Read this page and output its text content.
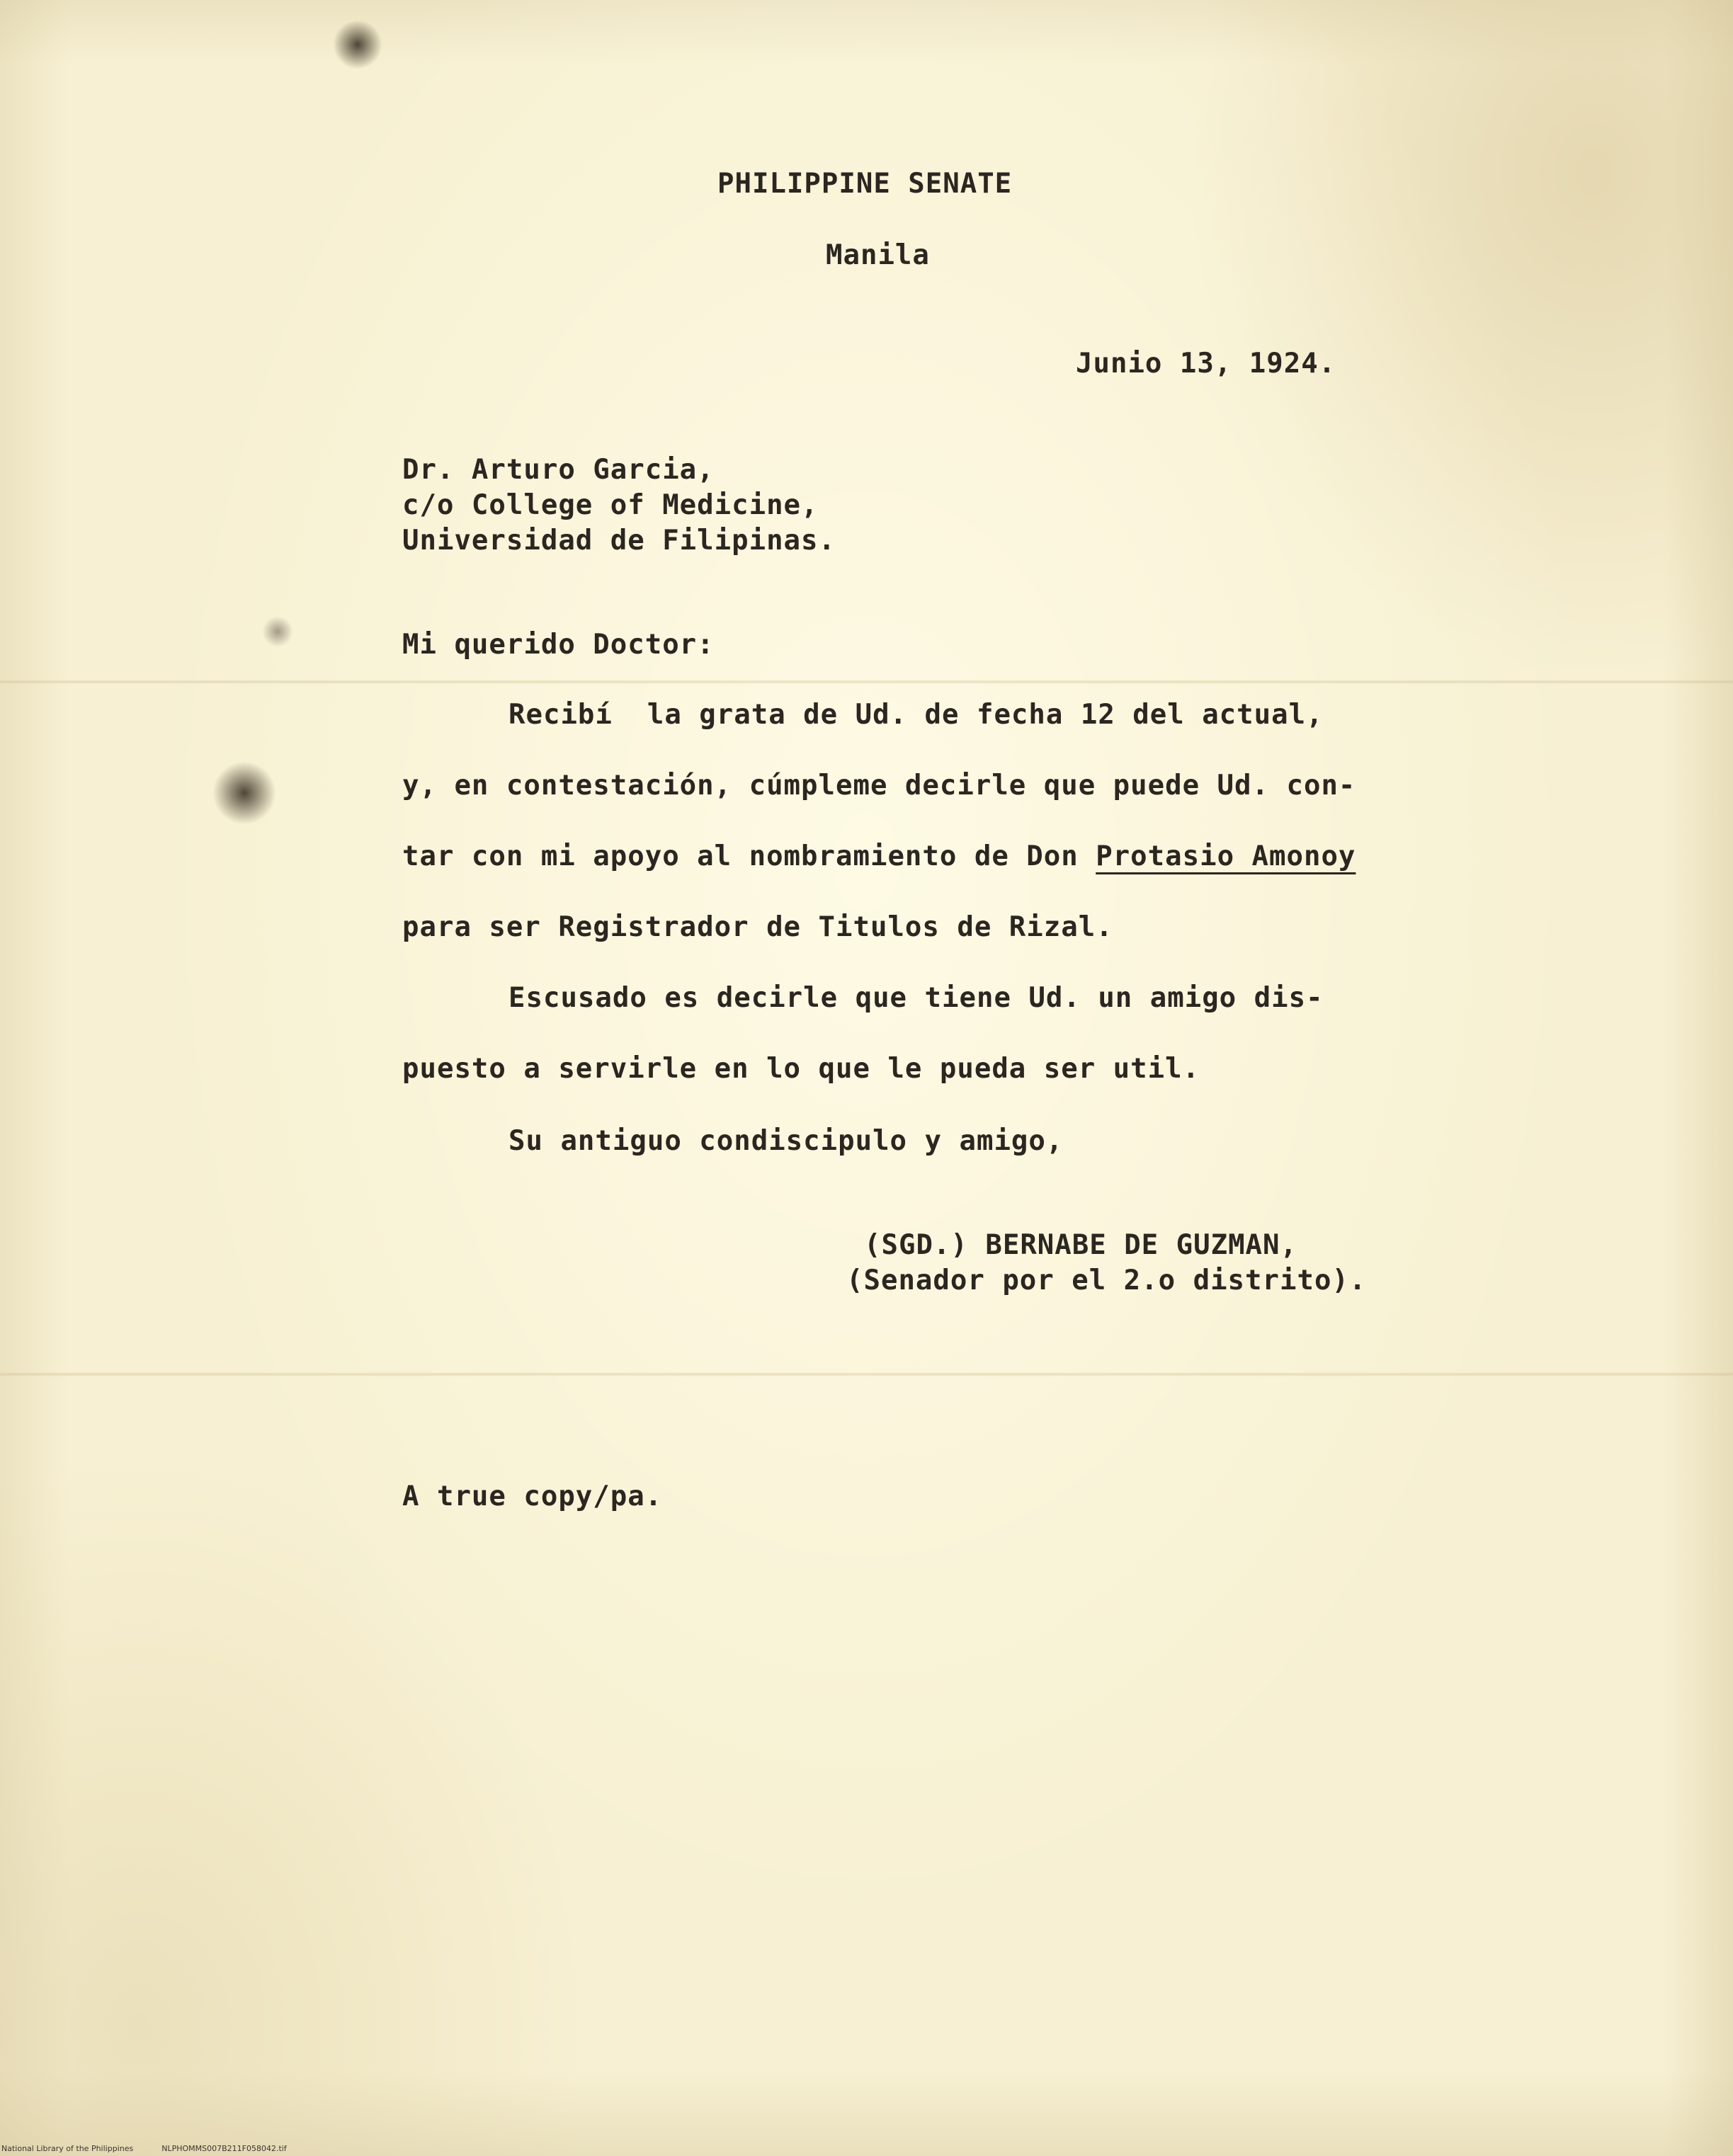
PHILIPPINE SENATE
Manila
Junio 13, 1924.
Dr. Arturo Garcia,
c/o College of Medicine,
Universidad de Filipinas.
Mi querido Doctor:
Recibí  la grata de Ud. de fecha 12 del actual,
y, en contestación, cúmpleme decirle que puede Ud. con-
tar con mi apoyo al nombramiento de Don Protasio Amonoy
para ser Registrador de Titulos de Rizal.
Escusado es decirle que tiene Ud. un amigo dis-
puesto a servirle en lo que le pueda ser util.
Su antiguo condiscipulo y amigo,
(SGD.) BERNABE DE GUZMAN,
(Senador por el 2.o distrito).
A true copy/pa.
National Library of the Philippines	NLPHOMMS007B211F058042.tif
